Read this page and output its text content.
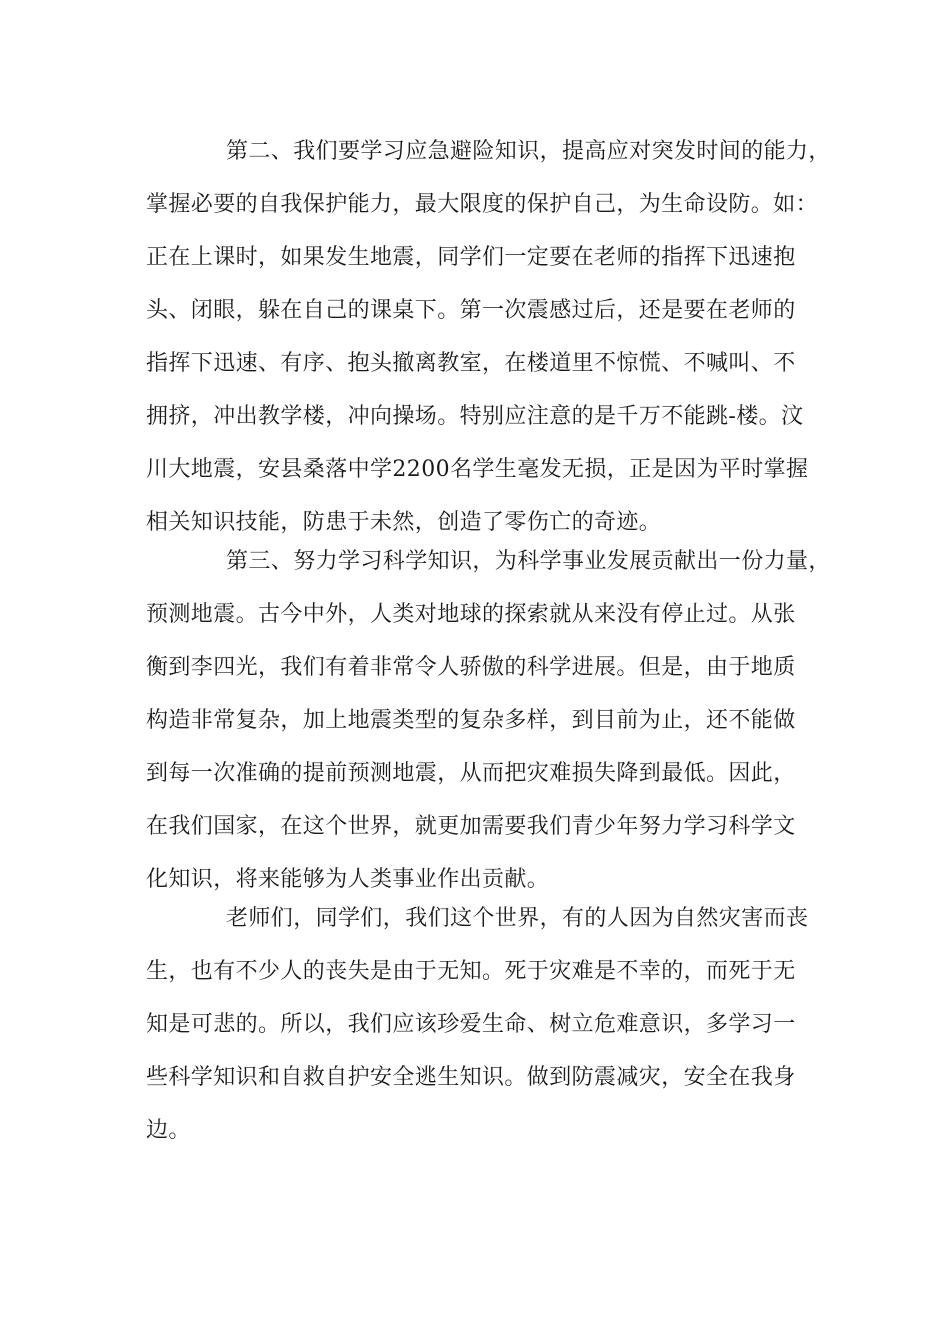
第二、我们要学习应急避险知识，提高应对突发时间的能力，
掌握必要的自我保护能力，最大限度的保护自己，为生命设防。如：
正在上课时，如果发生地震，同学们一定要在老师的指挥下迅速抱
头、闭眼，躲在自己的课桌下。第一次震感过后，还是要在老师的
指挥下迅速、有序、抱头撤离教室，在楼道里不惊慌、不喊叫、不
拥挤，冲出教学楼，冲向操场。特别应注意的是千万不能跳-楼。汶
川大地震，安县桑落中学2200名学生毫发无损，正是因为平时掌握
相关知识技能，防患于未然，创造了零伤亡的奇迹。
第三、努力学习科学知识，为科学事业发展贡献出一份力量，
预测地震。古今中外，人类对地球的探索就从来没有停止过。从张
衡到李四光，我们有着非常令人骄傲的科学进展。但是，由于地质
构造非常复杂，加上地震类型的复杂多样，到目前为止，还不能做
到每一次准确的提前预测地震，从而把灾难损失降到最低。因此，
在我们国家，在这个世界，就更加需要我们青少年努力学习科学文
化知识，将来能够为人类事业作出贡献。
老师们，同学们，我们这个世界，有的人因为自然灾害而丧
生，也有不少人的丧失是由于无知。死于灾难是不幸的，而死于无
知是可悲的。所以，我们应该珍爱生命、树立危难意识，多学习一
些科学知识和自救自护安全逃生知识。做到防震减灾，安全在我身
边。
